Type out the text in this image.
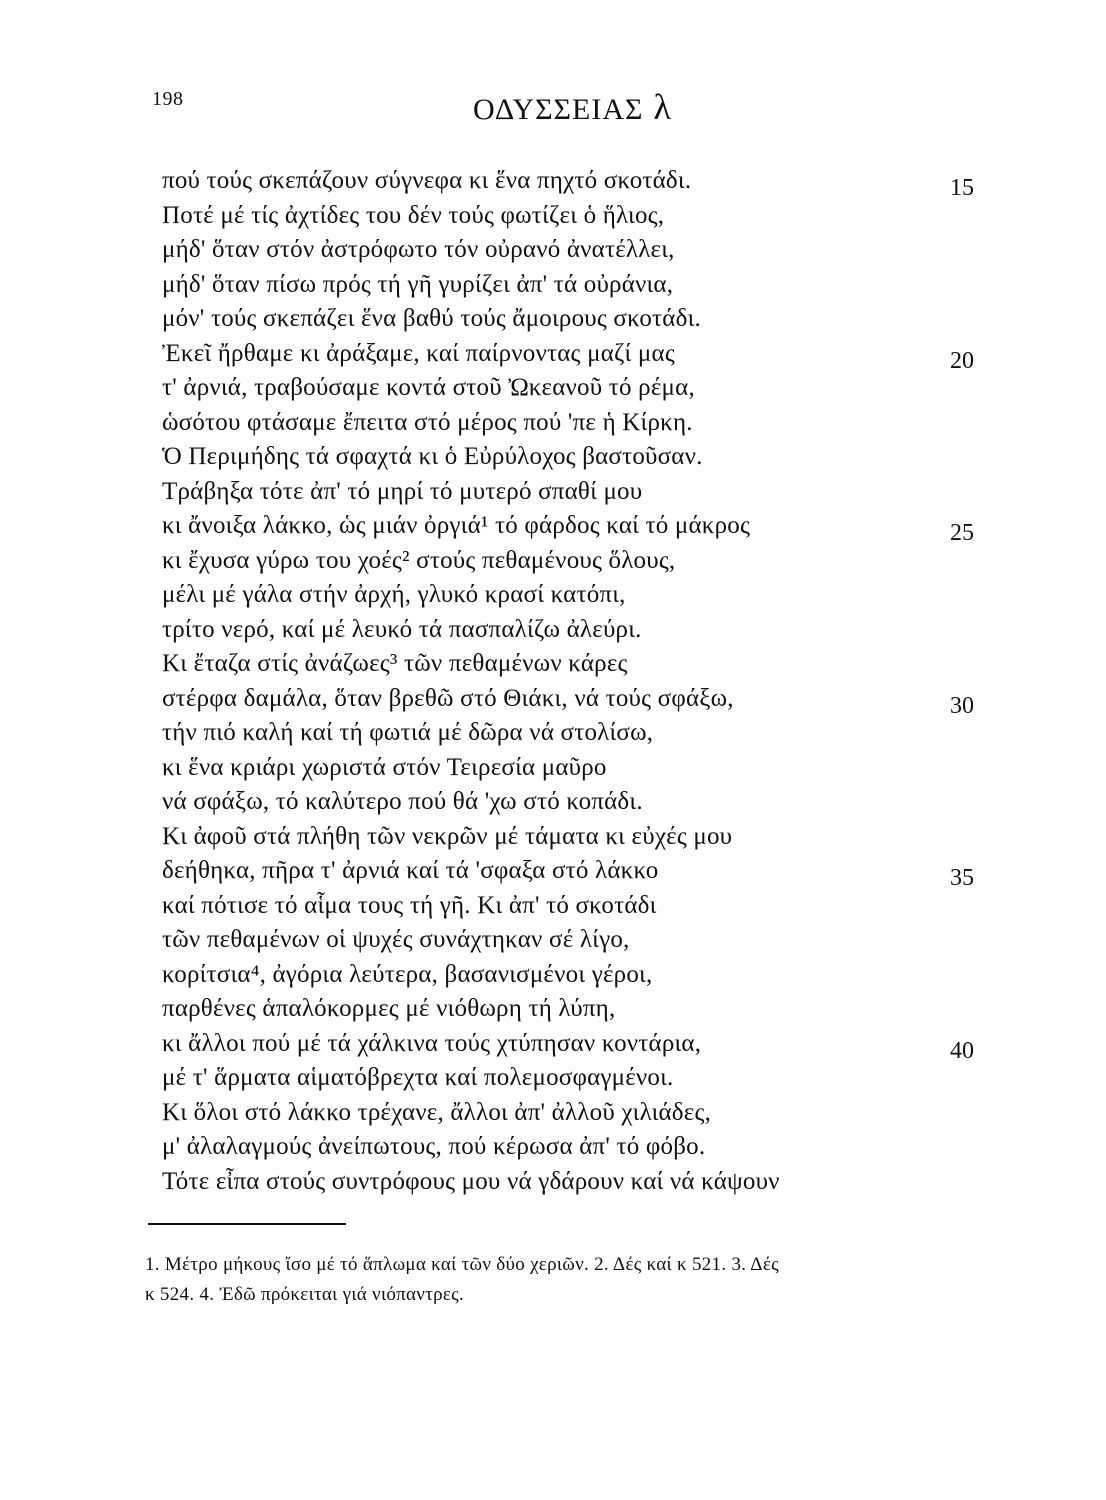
198	ΟΔΥΣΣΕΙΑΣ λ
πού τούς σκεπάζουν σύγνεφα κι ἕνα πηχτό σκοτάδι.
Ποτέ μέ τίς ἀχτίδες του δέν τούς φωτίζει ὁ ἥλιος,
μήδ' ὅταν στόν ἀστρόφωτο τόν οὐρανό ἀνατέλλει,
μήδ' ὅταν πίσω πρός τή γῆ γυρίζει ἀπ' τά οὐράνια,
μόν' τούς σκεπάζει ἕνα βαθύ τούς ἄμοιρους σκοτάδι.
Ἐκεῖ ἤρθαμε κι ἀράξαμε, καί παίρνοντας μαζί μας
τ' ἀρνιά, τραβούσαμε κοντά στοῦ Ὠκεανοῦ τό ρέμα,
ὡσότου φτάσαμε ἔπειτα στό μέρος πού 'πε ἡ Κίρκη.
Ὁ Περιμήδης τά σφαχτά κι ὁ Εὐρύλοχος βαστοῦσαν.
Τράβηξα τότε ἀπ' τό μηρί τό μυτερό σπαθί μου
κι ἄνοιξα λάκκο, ὡς μιάν ὀργιά¹ τό φάρδος καί τό μάκρος
κι ἔχυσα γύρω του χοές² στούς πεθαμένους ὅλους,
μέλι μέ γάλα στήν ἀρχή, γλυκό κρασί κατόπι,
τρίτο νερό, καί μέ λευκό τά πασπαλίζω ἀλεύρι.
Κι ἔταζα στίς ἀνάζωες³ τῶν πεθαμένων κάρες
στέρφα δαμάλα, ὅταν βρεθῶ στό Θιάκι, νά τούς σφάξω,
τήν πιό καλή καί τή φωτιά μέ δῶρα νά στολίσω,
κι ἕνα κριάρι χωριστά στόν Τειρεσία μαῦρο
νά σφάξω, τό καλύτερο πού θά 'χω στό κοπάδι.
Κι ἀφοῦ στά πλήθη τῶν νεκρῶν μέ τάματα κι εὐχές μου
δεήθηκα, πῆρα τ' ἀρνιά καί τά 'σφαξα στό λάκκο
καί πότισε τό αἷμα τους τή γῆ. Κι ἀπ' τό σκοτάδι
τῶν πεθαμένων οἱ ψυχές συνάχτηκαν σέ λίγο,
κορίτσια⁴, ἀγόρια λεύτερα, βασανισμένοι γέροι,
παρθένες ἁπαλόκορμες μέ νιόθωρη τή λύπη,
κι ἄλλοι πού μέ τά χάλκινα τούς χτύπησαν κοντάρια,
μέ τ' ἅρματα αἱματόβρεχτα καί πολεμοσφαγμένοι.
Κι ὅλοι στό λάκκο τρέχανε, ἄλλοι ἀπ' ἀλλοῦ χιλιάδες,
μ' ἀλαλαγμούς ἀνείπωτους, πού κέρωσα ἀπ' τό φόβο.
Τότε εἶπα στούς συντρόφους μου νά γδάρουν καί νά κάψουν
15
20
25
30
35
40
1. Μέτρο μήκους ἴσο μέ τό ἅπλωμα καί τῶν δύο χεριῶν. 2. Δές καί κ 521. 3. Δές
κ 524. 4. Ἐδῶ πρόκειται γιά νιόπαντρες.
